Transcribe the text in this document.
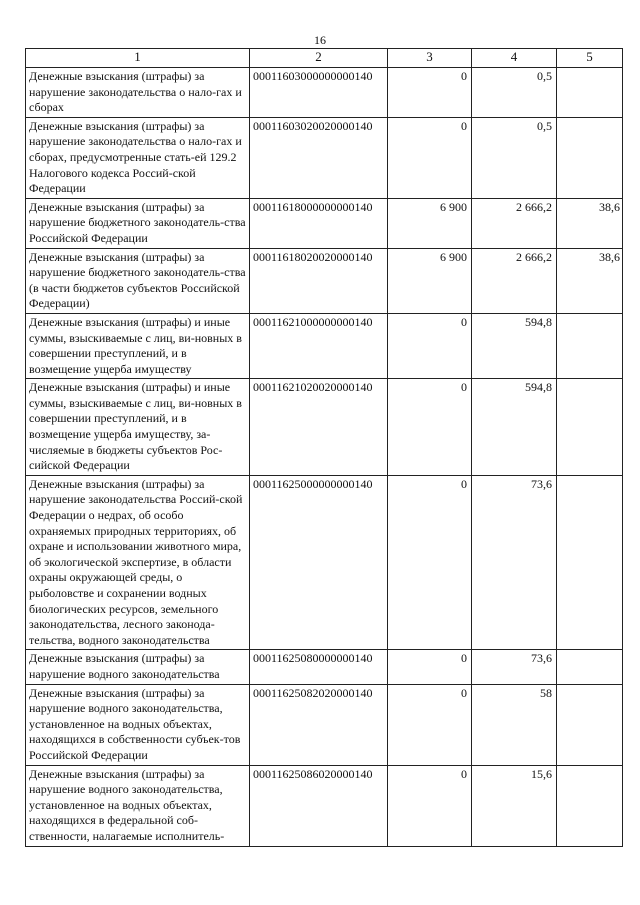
16
1	2	3	4	5
Денежные взыскания (штрафы) за нарушение законодательства о нало-гах и сборах	00011603000000000140	0	0,5	
Денежные взыскания (штрафы) за нарушение законодательства о нало-гах и сборах, предусмотренные стать-ей 129.2 Налогового кодекса Россий-ской Федерации	00011603020020000140	0	0,5	
Денежные взыскания (штрафы) за нарушение бюджетного законодатель-ства Российской Федерации	00011618000000000140	6 900	2 666,2	38,6
Денежные взыскания (штрафы) за нарушение бюджетного законодатель-ства (в части бюджетов субъектов Российской Федерации)	00011618020020000140	6 900	2 666,2	38,6
Денежные взыскания (штрафы) и иные суммы, взыскиваемые с лиц, ви-новных в совершении преступлений, и в возмещение ущерба имуществу	00011621000000000140	0	594,8	
Денежные взыскания (штрафы) и иные суммы, взыскиваемые с лиц, ви-новных в совершении преступлений, и в возмещение ущерба имуществу, за-числяемые в бюджеты субъектов Рос-сийской Федерации	00011621020020000140	0	594,8	
Денежные взыскания (штрафы) за нарушение законодательства Россий-ской Федерации о недрах, об особо охраняемых природных территориях, об охране и использовании животного мира, об экологической экспертизе, в области охраны окружающей среды, о рыболовстве и сохранении водных биологических ресурсов, земельного законодательства, лесного законода-тельства, водного законодательства	00011625000000000140	0	73,6	
Денежные взыскания (штрафы) за нарушение водного законодательства	00011625080000000140	0	73,6	
Денежные взыскания (штрафы) за нарушение водного законодательства, установленное на водных объектах, находящихся в собственности субъек-тов Российской Федерации	00011625082020000140	0	58	
Денежные взыскания (штрафы) за нарушение водного законодательства, установленное на водных объектах, находящихся в федеральной соб-ственности, налагаемые исполнитель-	00011625086020000140	0	15,6	
